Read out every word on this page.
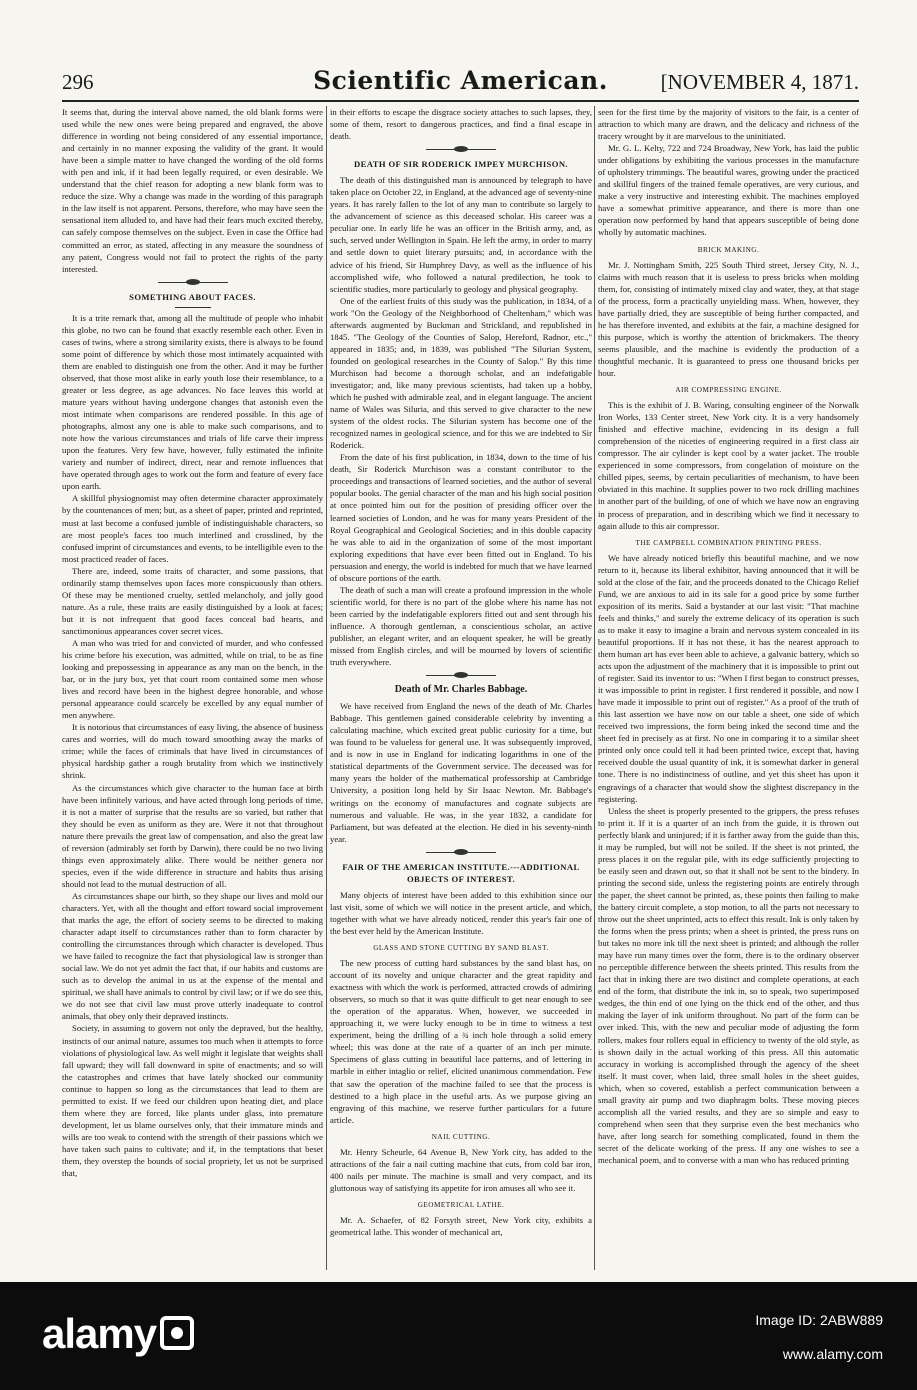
296	Scientific American.	[NOVEMBER 4, 1871.

It seems that, during the interval above named, the old blank forms were used while the new ones were being prepared and engraved, the above difference in wording not being considered of any essential importance, and certainly in no manner exposing the validity of the grant. It would have been a simple matter to have changed the wording of the old forms with pen and ink, if it had been legally required, or even desirable. We understand that the chief reason for adopting a new blank form was to reduce the size. Why a change was made in the wording of this paragraph in the law itself is not apparent. Persons, therefore, who may have seen the sensational item alluded to, and have had their fears much excited thereby, can safely compose themselves on the subject. Even in case the Office had committed an error, as stated, affecting in any measure the soundness of any patent, Congress would not fail to protect the rights of the party interested.

SOMETHING ABOUT FACES.

It is a trite remark that, among all the multitude of people who inhabit this globe, no two can be found that exactly resemble each other. Even in cases of twins, where a strong similarity exists, there is always to be found some point of difference by which those most intimately acquainted with them are enabled to distinguish one from the other. And it may be further observed, that those most alike in early youth lose their resemblance, to a greater or less degree, as age advances. No face leaves this world at mature years without having undergone changes that astonish even the most intimate when comparisons are rendered possible. In this age of photographs, almost any one is able to make such comparisons, and to note how the various circumstances and trials of life carve their impress upon the features. Very few have, however, fully estimated the infinite variety and number of indirect, direct, near and remote influences that have operated through ages to work out the form and feature of every face upon earth.

A skillful physiognomist may often determine character approximately by the countenances of men; but, as a sheet of paper, printed and reprinted, must at last become a confused jumble of indistinguishable characters, so are most people's faces too much interlined and crosslined, by the confused imprint of circumstances and events, to be intelligible even to the most practiced reader of faces.

There are, indeed, some traits of character, and some passions, that ordinarily stamp themselves upon faces more conspicuously than others. Of these may be mentioned cruelty, settled melancholy, and jolly good nature. As a rule, these traits are easily distinguished by a look at faces; but it is not infrequent that good faces conceal bad hearts, and sanctimonious appearances cover secret vices.

A man who was tried for and convicted of murder, and who confessed his crime before his execution, was admitted, while on trial, to be as fine looking and prepossessing in appearance as any man on the bench, in the bar, or in the jury box, yet that court room contained some men whose lives and record have been in the highest degree honorable, and whose personal appearance could scarcely be excelled by any equal number of men anywhere.

It is notorious that circumstances of easy living, the absence of business cares and worries, will do much toward smoothing away the marks of crime; while the faces of criminals that have lived in circumstances of physical hardship gather a rough brutality from which we instinctively shrink.

As the circumstances which give character to the human face at birth have been infinitely various, and have acted through long periods of time, it is not a matter of surprise that the results are so varied, but rather that they should be even as uniform as they are. Were it not that throughout nature there prevails the great law of compensation, and also the great law of reversion (admirably set forth by Darwin), there could be no two living things even approximately alike. There would be neither genera nor species, even if the wide difference in structure and habits thus arising should not lead to the mutual destruction of all.

As circumstances shape our birth, so they shape our lives and mold our characters. Yet, with all the thought and effort toward social improvement that marks the age, the effort of society seems to be directed to making character adapt itself to circumstances rather than to form character by controlling the circumstances through which character is developed. Thus we have failed to recognize the fact that physiological law is stronger than social law. We do not yet admit the fact that, if our habits and customs are such as to develop the animal in us at the expense of the mental and spiritual, we shall have animals to control by civil law; or if we do see this, we do not see that civil law must prove utterly inadequate to control animals, that obey only their depraved instincts.

Society, in assuming to govern not only the depraved, but the healthy, instincts of our animal nature, assumes too much when it attempts to force violations of physiological law. As well might it legislate that weights shall fall upward; they will fall downward in spite of enactments; and so will the catastrophes and crimes that have lately shocked our community continue to happen so long as the circumstances that lead to them are permitted to exist. If we feed our children upon heating diet, and place them where they are forced, like plants under glass, into premature development, let us blame ourselves only, that their immature minds and wills are too weak to contend with the strength of their passions which we have taken such pains to cultivate; and if, in the temptations that beset them, they overstep the bounds of social propriety, let us not be surprised that,

in their efforts to escape the disgrace society attaches to such lapses, they, some of them, resort to dangerous practices, and find a final escape in death.

DEATH OF SIR RODERICK IMPEY MURCHISON.

The death of this distinguished man is announced by telegraph to have taken place on October 22, in England, at the advanced age of seventy-nine years. It has rarely fallen to the lot of any man to contribute so largely to the advancement of science as this deceased scholar. His career was a peculiar one. In early life he was an officer in the British army, and, as such, served under Wellington in Spain. He left the army, in order to marry and settle down to quiet literary pursuits; and, in accordance with the advice of his friend, Sir Humphrey Davy, as well as the influence of his accomplished wife, who followed a natural predilection, he took to scientific studies, more particularly to geology and physical geography.

One of the earliest fruits of this study was the publication, in 1834, of a work "On the Geology of the Neighborhood of Cheltenham," which was afterwards augmented by Buckman and Strickland, and republished in 1845. "The Geology of the Counties of Salop, Hereford, Radnor, etc.," appeared in 1835; and, in 1839, was published "The Silurian System, founded on geological researches in the County of Salop." By this time Murchison had become a thorough scholar, and an indefatigable investigator; and, like many previous scientists, had taken up a hobby, which he pushed with admirable zeal, and in elegant language. The ancient name of Wales was Siluria, and this served to give character to the new system of the oldest rocks. The Silurian system has become one of the recognized names in geological science, and for this we are indebted to Sir Roderick.

From the date of his first publication, in 1834, down to the time of his death, Sir Roderick Murchison was a constant contributor to the proceedings and transactions of learned societies, and the author of several popular books. The genial character of the man and his high social position at once pointed him out for the position of presiding officer over the learned societies of London, and he was for many years President of the Royal Geographical and Geological Societies; and in this double capacity he was able to aid in the organization of some of the most important exploring expeditions that have ever been fitted out in England. To his persuasion and energy, the world is indebted for much that we have learned of obscure portions of the earth.

The death of such a man will create a profound impression in the whole scientific world, for there is no part of the globe where his name has not been carried by the indefatigable explorers fitted out and sent through his influence. A thorough gentleman, a conscientious scholar, an active publisher, an elegant writer, and an eloquent speaker, he will be greatly missed from English circles, and will be mourned by lovers of scientific truth everywhere.

Death of Mr. Charles Babbage.

We have received from England the news of the death of Mr. Charles Babbage. This gentlemen gained considerable celebrity by inventing a calculating machine, which excited great public curiosity for a time, but was found to be valueless for general use. It was subsequently improved, and is now in use in England for indicating logarithms in one of the statistical departments of the Government service. The deceased was for many years the holder of the mathematical professorship at Cambridge University, a position long held by Sir Isaac Newton. Mr. Babbage's writings on the economy of manufactures and cognate subjects are numerous and valuable. He was, in the year 1832, a candidate for Parliament, but was defeated at the election. He died in his seventy-ninth year.

FAIR OF THE AMERICAN INSTITUTE.---ADDITIONAL OBJECTS OF INTEREST.

Many objects of interest have been added to this exhibition since our last visit, some of which we will notice in the present article, and which, together with what we have already noticed, render this year's fair one of the best ever held by the American Institute.

GLASS AND STONE CUTTING BY SAND BLAST.

The new process of cutting hard substances by the sand blast has, on account of its novelty and unique character and the great rapidity and exactness with which the work is performed, attracted crowds of admiring observers, so much so that it was quite difficult to get near enough to see the operation of the apparatus. When, however, we succeeded in approaching it, we were lucky enough to be in time to witness a test experiment, being the drilling of a ¾ inch hole through a solid emery wheel; this was done at the rate of a quarter of an inch per minute. Specimens of glass cutting in beautiful lace patterns, and of lettering in marble in either intaglio or relief, elicited unanimous commendation. Few that saw the operation of the machine failed to see that the process is destined to a high place in the useful arts. As we purpose giving an engraving of this machine, we reserve further particulars for a future article.

NAIL CUTTING.

Mr. Henry Scheurle, 64 Avenue B, New York city, has added to the attractions of the fair a nail cutting machine that cuts, from cold bar iron, 400 nails per minute. The machine is small and very compact, and its gluttonous way of satisfying its appetite for iron amuses all who see it.

GEOMETRICAL LATHE.

Mr. A. Schaefer, of 82 Forsyth street, New York city, exhibits a geometrical lathe. This wonder of mechanical art,

seen for the first time by the majority of visitors to the fair, is a center of attraction to which many are drawn, and the delicacy and richness of the tracery wrought by it are marvelous to the uninitiated.

Mr. G. L. Kelty, 722 and 724 Broadway, New York, has laid the public under obligations by exhibiting the various processes in the manufacture of upholstery trimmings. The beautiful wares, growing under the practiced and skillful fingers of the trained female operatives, are very curious, and make a very instructive and interesting exhibit. The machines employed have a somewhat primitive appearance, and there is more than one operation now performed by hand that appears susceptible of being done wholly by automatic machines.

BRICK MAKING.

Mr. J. Nottingham Smith, 225 South Third street, Jersey City, N. J., claims with much reason that it is useless to press bricks when molding them, for, consisting of intimately mixed clay and water, they, at that stage of the process, form a practically unyielding mass. When, however, they have partially dried, they are susceptible of being further compacted, and he has therefore invented, and exhibits at the fair, a machine designed for this purpose, which is worthy the attention of brickmakers. The theory seems plausible, and the machine is evidently the production of a thoughtful mechanic. It is guaranteed to press one thousand bricks per hour.

AIR COMPRESSING ENGINE.

This is the exhibit of J. B. Waring, consulting engineer of the Norwalk Iron Works, 133 Center street, New York city. It is a very handsomely finished and effective machine, evidencing in its design a full comprehension of the niceties of engineering required in a first class air compressor. The air cylinder is kept cool by a water jacket. The trouble experienced in some compressors, from congelation of moisture on the chilled pipes, seems, by certain peculiarities of mechanism, to have been obviated in this machine. It supplies power to two rock drilling machines in another part of the building, of one of which we have now an engraving in process of preparation, and in describing which we find it necessary to again allude to this air compressor.

THE CAMPBELL COMBINATION PRINTING PRESS.

We have already noticed briefly this beautiful machine, and we now return to it, because its liberal exhibitor, having announced that it will be sold at the close of the fair, and the proceeds donated to the Chicago Relief Fund, we are anxious to aid in its sale for a good price by some further exposition of its merits. Said a bystander at our last visit: "That machine feels and thinks," and surely the extreme delicacy of its operation is such as to make it easy to imagine a brain and nervous system concealed in its beautiful proportions. If it has not these, it has the nearest approach to them human art has ever been able to achieve, a galvanic battery, which so acts upon the adjustment of the machinery that it is impossible to print out of register. Said its inventor to us: "When I first began to construct presses, it was impossible to print in register. I first rendered it possible, and now I have made it impossible to print out of register." As a proof of the truth of this last assertion we have now on our table a sheet, one side of which received two impressions, the form being inked the second time and the sheet fed in precisely as at first. No one in comparing it to a similar sheet printed only once could tell it had been printed twice, except that, having received double the usual quantity of ink, it is somewhat darker in general tone. There is no indistinctness of outline, and yet this sheet has upon it engravings of a character that would show the slightest discrepancy in the registering.

Unless the sheet is properly presented to the grippers, the press refuses to print it. If it is a quarter of an inch from the guide, it is thrown out perfectly blank and uninjured; if it is farther away from the guide than this, it may be rumpled, but will not be soiled. If the sheet is not printed, the press places it on the regular pile, with its edge sufficiently projecting to be easily seen and drawn out, so that it shall not be sent to the bindery. In printing the second side, unless the registering points are entirely through the paper, the sheet cannot be printed, as, these points then failing to make the battery circuit complete, a stop motion, to all the parts not necessary to throw out the sheet unprinted, acts to effect this result. Ink is only taken by the forms when the press prints; when a sheet is printed, the press runs on but takes no more ink till the next sheet is printed; and although the roller may have run many times over the form, there is to the ordinary observer no perceptible difference between the sheets printed. This results from the fact that in inking there are two distinct and complete operations, at each end of the form, that distribute the ink in, so to speak, two superimposed wedges, the thin end of one lying on the thick end of the other, and thus making the layer of ink uniform throughout. No part of the form can be over inked. This, with the new and peculiar mode of adjusting the form rollers, makes four rollers equal in efficiency to twenty of the old style, as is shown daily in the actual working of this press. All this automatic accuracy in working is accomplished through the agency of the sheet itself. It must cover, when laid, three small holes in the sheet guides, which, when so covered, establish a perfect communication between a small gravity air pump and two diaphragm bolts. These moving pieces accomplish all the varied results, and they are so simple and easy to comprehend when seen that they surprise even the best mechanics who have, after long search for something complicated, found in them the secret of the delicate working of the press. If any one wishes to see a mechanical poem, and to converse with a man who has reduced printing

alamy	Image ID: 2ABW889
www.alamy.com
